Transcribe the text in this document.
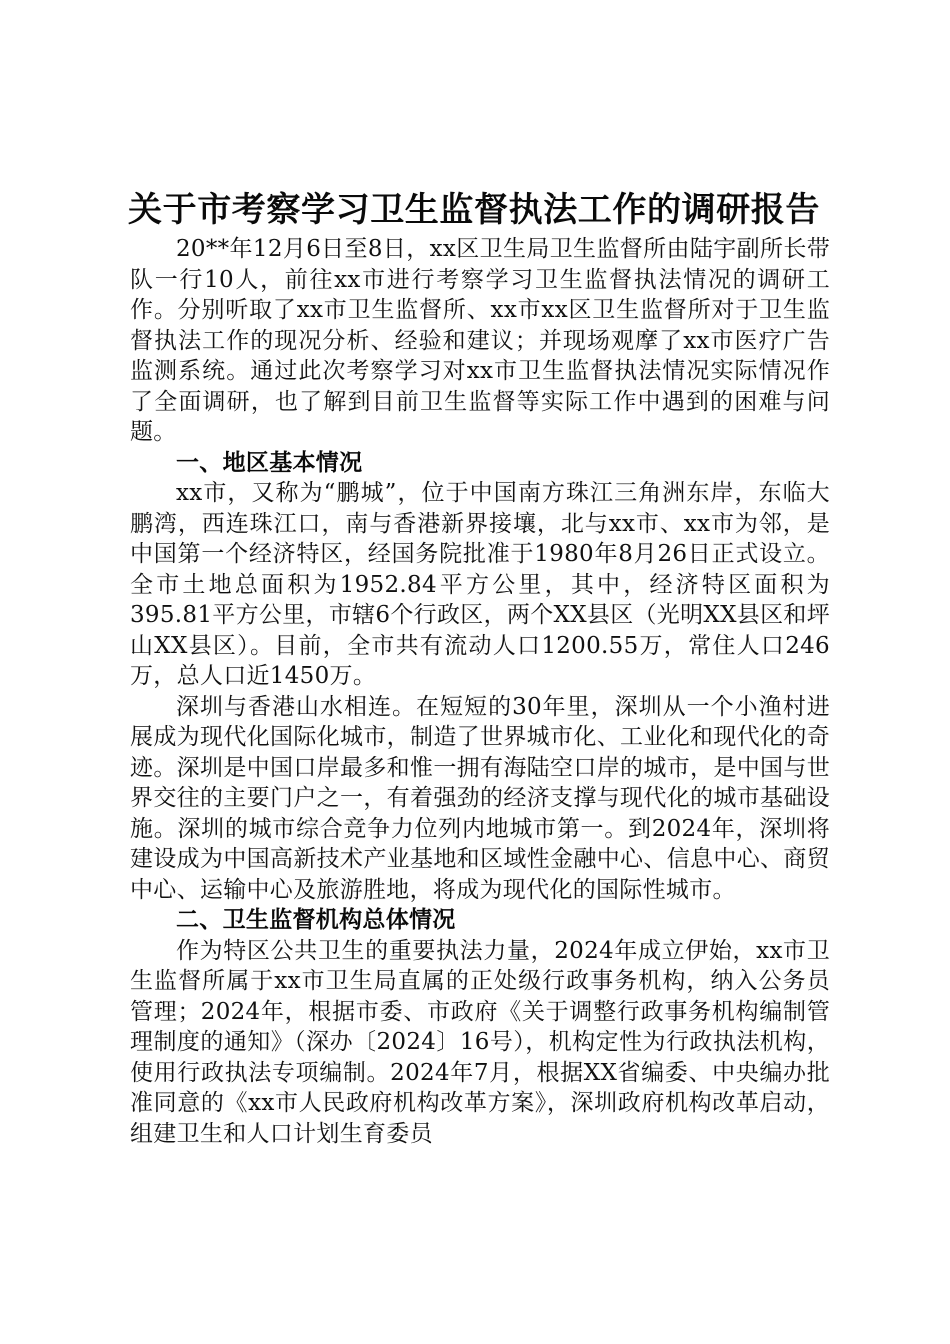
关于市考察学习卫生监督执法工作的调研报告

20**年12月6日至8日，xx区卫生局卫生监督所由陆宇副所长带队一行10人，前往xx市进行考察学习卫生监督执法情况的调研工作。分别听取了xx市卫生监督所、xx市xx区卫生监督所对于卫生监督执法工作的现况分析、经验和建议；并现场观摩了xx市医疗广告监测系统。通过此次考察学习对xx市卫生监督执法情况实际情况作了全面调研，也了解到目前卫生监督等实际工作中遇到的困难与问题。

一、地区基本情况

xx市，又称为“鹏城”，位于中国南方珠江三角洲东岸，东临大鹏湾，西连珠江口，南与香港新界接壤，北与xx市、xx市为邻，是中国第一个经济特区，经国务院批准于1980年8月26日正式设立。全市土地总面积为1952.84平方公里，其中，经济特区面积为395.81平方公里，市辖6个行政区，两个XX县区（光明XX县区和坪山XX县区）。目前，全市共有流动人口1200.55万，常住人口246万，总人口近1450万。

深圳与香港山水相连。在短短的30年里，深圳从一个小渔村进展成为现代化国际化城市，制造了世界城市化、工业化和现代化的奇迹。深圳是中国口岸最多和惟一拥有海陆空口岸的城市，是中国与世界交往的主要门户之一，有着强劲的经济支撑与现代化的城市基础设施。深圳的城市综合竞争力位列内地城市第一。到2024年，深圳将建设成为中国高新技术产业基地和区域性金融中心、信息中心、商贸中心、运输中心及旅游胜地，将成为现代化的国际性城市。

二、卫生监督机构总体情况

作为特区公共卫生的重要执法力量，2024年成立伊始，xx市卫生监督所属于xx市卫生局直属的正处级行政事务机构，纳入公务员管理；2024年，根据市委、市政府《关于调整行政事务机构编制管理制度的通知》（深办〔2024〕16号），机构定性为行政执法机构，使用行政执法专项编制。2024年7月，根据XX省编委、中央编办批准同意的《xx市人民政府机构改革方案》，深圳政府机构改革启动，组建卫生和人口计划生育委员
